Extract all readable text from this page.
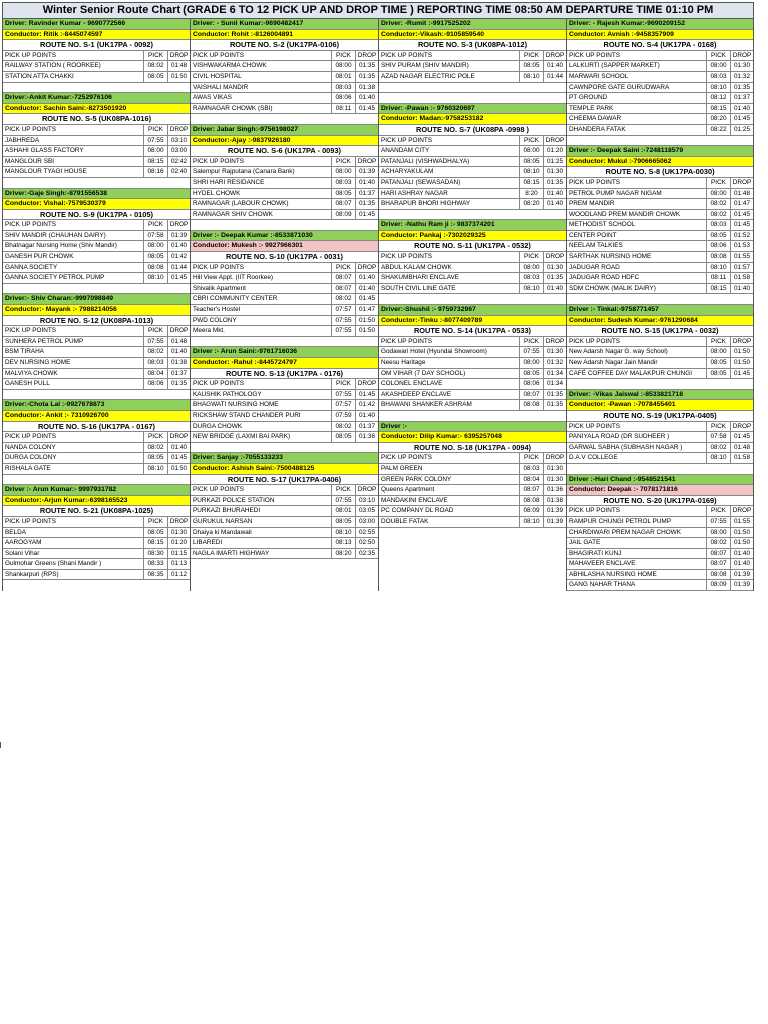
Winter Senior Route Chart (GRADE 6 TO 12 PICK UP AND DROP TIME ) REPORTING TIME 08:50 AM DEPARTURE TIME 01:10 PM
Driver: Ravinder Kumar - 9690772566
Conductor: Ritik :-8445074597
ROUTE NO. S-1 (UK17PA - 0092)
PICK UP POINTS	PICK	DROP
RAILWAY STATION ( ROORKEE)	08:02	01:48
STATION ATTA CHAKKI	08:05	01:50
Driver:-Ankit Kumar:-7252976106
Conductor: Sachin Saini:-8273501920
ROUTE NO. S-5 (UK08PA-1016)
PICK UP POINTS	PICK	DROP
JABHREDA	07:55	03:10
ASHAHI GLASS FACTORY	08:00	03:00
MANGLOUR SBI	08:15	02:42
MANGLOUR TYAGI HOUSE	08:16	02:40
Driver:-Gaje Singh:-8791556538
Conductor: Vishal:-7579530379
ROUTE NO. S-9 (UK17PA - 0105)
PICK UP POINTS	PICK	DROP
SHIV MANDIR (CHAUHAN DAIRY)	07:58	01:39
Bhatnagar Nursing Home (Shiv Mandir)	08:00	01:40
GANESH PUR CHOWK	08:05	01:42
GANNA SOCIETY	08:08	01:44
GANNA SOCIETY PETROL PUMP	08:10	01:45
Driver:- Shiv Charan:-9997098849
Conductor:- Mayank :- 7988214056
ROUTE NO. S-12 (UK08PA-1013)
PICK UP POINTS	PICK	DROP
SUNHERA PETROL PUMP	07:55	01:48
BSM TIRAHA	08:02	01:40
DEV NURSING HOME	08:03	01:38
MALVIYA CHOWK	08:04	01:37
GANESH PULL	08:06	01:35
Driver:-Chota Lal :-9927678873
Conductor:- Ankit :- 7310926700
ROUTE NO. S-16 (UK17PA - 0167)
PICK UP POINTS	PICK	DROP
NANDA COLONY	08:02	01:40
DURGA COLONY	08:05	01:45
RISHALA GATE	08:10	01:50
Driver :- Arun Kumar:- 9997931782
Conductor:-Arjun Kumar:-6398165523
ROUTE NO. S-21 (UK08PA-1025)
PICK UP POINTS	PICK	DROP
BELDA	08:05	01:30
AAROGYAM	08:15	01:20
Solani Vihar	08:30	01:15
Gulmohar Greens (Shani Mandir )	08:33	01:13
Shankarpuri (RPS)	08:35	01:12
Driver: - Sunil Kumar:-9690482417
Conductor: Rohit :-8126004891
ROUTE NO. S-2 (UK17PA-0106)
PICK UP POINTS	PICK	DROP
VISHWAKARMA CHOWK	08:00	01:35
CIVIL HOSPITAL	08:01	01:35
VAISHALI MANDIR	08:03	01:38
AWAS VIKAS	08:06	01:40
RAMNAGAR CHOWK (SBI)	08:11	01:45
Driver: Jabar Singh:-9756198027
Conductor:-Ajay :-9837926180
ROUTE NO. S-6 (UK17PA - 0093)
PICK UP POINTS	PICK	DROP
Salempur Rajputana (Canara Bank)	08:00	01:39
SHRI HARI RESIDANCE	08:03	01:40
HYDEL CHOWK	08:05	01:37
RAMNAGAR (LABOUR CHOWK)	08:07	01:35
RAMNAGAR SHIV CHOWK	08:09	01:45
Driver :- Deepak Kumar :-8533871030
Conductor: Mukesh :- 9927966301
ROUTE NO. S-10 (UK17PA - 0031)
PICK UP POINTS	PICK	DROP
Hill View Appt. (IIT Roorkee)	08:07	01:40
Shivalik Apartment	08:07	01:40
CBRI COMMUNITY CENTER	08:02	01:45
Teacher's Hostel	07:57	01:47
PWD COLONY	07:55	01:50
Meera Mkt.	07:55	01:50
Driver :- Arun Saini:-9761716036
Conductor: -Rahul :-8445724797
ROUTE NO. S-13 (UK17PA - 0176)
PICK UP POINTS	PICK	DROP
KAUSHIK PATHOLOGY	07:55	01:45
BHAGWATI NURSING HOME	07:57	01:42
RICKSHAW STAND CHANDER PURI	07:59	01:40
DURGA CHOWK	08:02	01:37
NEW BRIDGE (LAXMI BAI PARK)	08:05	01:36
Driver: Sanjay :-7055133233
Conductor: Ashish Saini:-7500488125
ROUTE NO. S-17 (UK17PA-0406)
PICK UP POINTS	PICK	DROP
PURKAZI POLICE STATION	07:55	03:10
PURKAZI BHURAHEDI	08:01	03:05
GURUKUL NARSAN	08:05	03:00
Dhaiya ki Mandawali	08:10	02:55
LIBAREDI	08:13	02:50
NAGLA IMARTI HIGHWAY	08:20	02:35
Driver: -Rumit :-9917525202
Conductor:-Vikash:-9105859540
ROUTE NO. S-3 (UK08PA-1012)
PICK UP POINTS	PICK	DROP
SHIV PURAM (SHIV MANDIR)	08:05	01:40
AZAD NAGAR ELECTRIC POLE	08:10	01:44
Driver: -Pawan :- 9760320697
Conductor: Madan:-9758253182
ROUTE NO. S-7 (UK08PA -0998 )
PICK UP POINTS	PICK	DROP
ANANDAM CITY	08:00	01:20
PATANJALI (VISHWADHALYA)	08:05	01:25
ACHARYAKULAM	08:10	01:30
PATANJALI (SEWASADAN)	08:15	01:35
HARI ASHRAY NAGAR	8:20	01:40
BHARAPUR BHORI HIGHWAY	08:20	01:40
Driver: -Nathu Ram ji :- 9837374201
Conductor: Pankaj :-7302029325
ROUTE NO. S-11 (UK17PA - 0532)
PICK UP POINTS	PICK	DROP
ABDUL KALAM CHOWK	08:00	01:30
SHAKUMBHARI ENCLAVE	08:03	01:35
SOUTH CIVIL LINE GATE	08:10	01:40
Driver:-Shushil :- 9759732967
Conductor:-Tinku :-8077409789
ROUTE NO. S-14 (UK17PA - 0533)
PICK UP POINTS	PICK	DROP
Godawari Hotel (Hyundai Showroom)	07:55	01:30
Neesu Haritage	08:00	01:32
OM VIHAR (7 DAY SCHOOL)	08:05	01:34
COLONEL ENCLAVE	08:06	01:34
AKASHDEEP ENCLAVE	08:07	01:35
BHAWANI SHANKER ASHRAM	08:08	01:35
Driver :-
Conductor: Dilip Kumar:- 6395257048
ROUTE NO. S-18 (UK17PA - 0094)
PICK UP POINTS	PICK	DROP
PALM GREEN	08:03	01:30
GREEN PARK COLONY	08:04	01:30
Queens Apartment	08:07	01:36
MANDAKINI ENCLAVE	08:08	01:38
PC COMPANY DL ROAD	08:09	01:39
DOUBLE FATAK	08:10	01:39
Driver: - Rajesh Kumar:-9690209152
Conductor: Avnish :-9458357909
ROUTE NO. S-4 (UK17PA - 0168)
PICK UP POINTS	PICK	DROP
LALKURTI (SAPPER MARKET)	08:00	01:30
MARWARI SCHOOL	08:03	01:32
CAWNPORE GATE GURUDWARA	08:10	01:35
PT GROUND	08:12	01:37
TEMPLE PARK	08:15	01:40
CHEEMA DAWAR	08:20	01:45
DHANDERA FATAK	08:22	01:25
Driver :- Deepak Saini :-7248118579
Conductor: Mukul :-7906665062
ROUTE NO. S-8 (UK17PA-0030)
PICK UP POINTS	PICK	DROP
PETROL PUMP NAGAR NIGAM	08:00	01:48
PREM MANDIR	08:02	01:47
WOODLAND PREM MANDIR CHOWK	08:02	01:45
METHODIST SCHOOL	08:03	01:45
CENTER POINT	08:05	01:52
NEELAM TALKIES	08:06	01:53
SARTHAK NURSING HOME	08:08	01:55
JADUGAR ROAD	08:10	01:57
JADUGAR ROAD HDFC	08:11	01:58
SDM CHOWK (MALIK DAIRY)	08:15	01:40
Driver :- Tinkal:-9758771457
Conductor: Sudesh Kumar:-9761290684
ROUTE NO. S-15 (UK17PA - 0032)
PICK UP POINTS	PICK	DROP
New Adarsh Nagar G. way School)	08:00	01:50
New Adarsh Nagar Jain Mandir	08:05	01:50
CAFÉ COFFEE DAY MALAKPUR CHUNGI	08:05	01:45
Driver: -Vikas Jaiswal :-8533821718
Conductor: -Pawan :-7078455401
ROUTE NO. S-19 (UK17PA-0405)
PICK UP POINTS	PICK	DROP
PANIYALA ROAD (DR SUDHEER )	07:58	01:45
GARWAL SABHA (SUBHASH NAGAR )	08:02	01:48
D.A.V COLLEGE	08:10	01:58
Driver :-Hari Chand :-9548521541
Conductor: Deepak :- 7078171816
ROUTE NO. S-20 (UK17PA-0169)
PICK UP POINTS	PICK	DROP
RAMPUR CHUNGI PETROL PUMP	07:55	01:55
CHARDIWARI PREM NAGAR CHOWK	08:00	01:50
JAIL GATE	08:02	01:50
BHAGIRATI KUNJ	08:07	01:40
MAHAVEER ENCLAVE	08:07	01:40
ABHILASHA NURSING HOME	08:08	01:39
GANG NAHAR THANA	08:09	01:39
